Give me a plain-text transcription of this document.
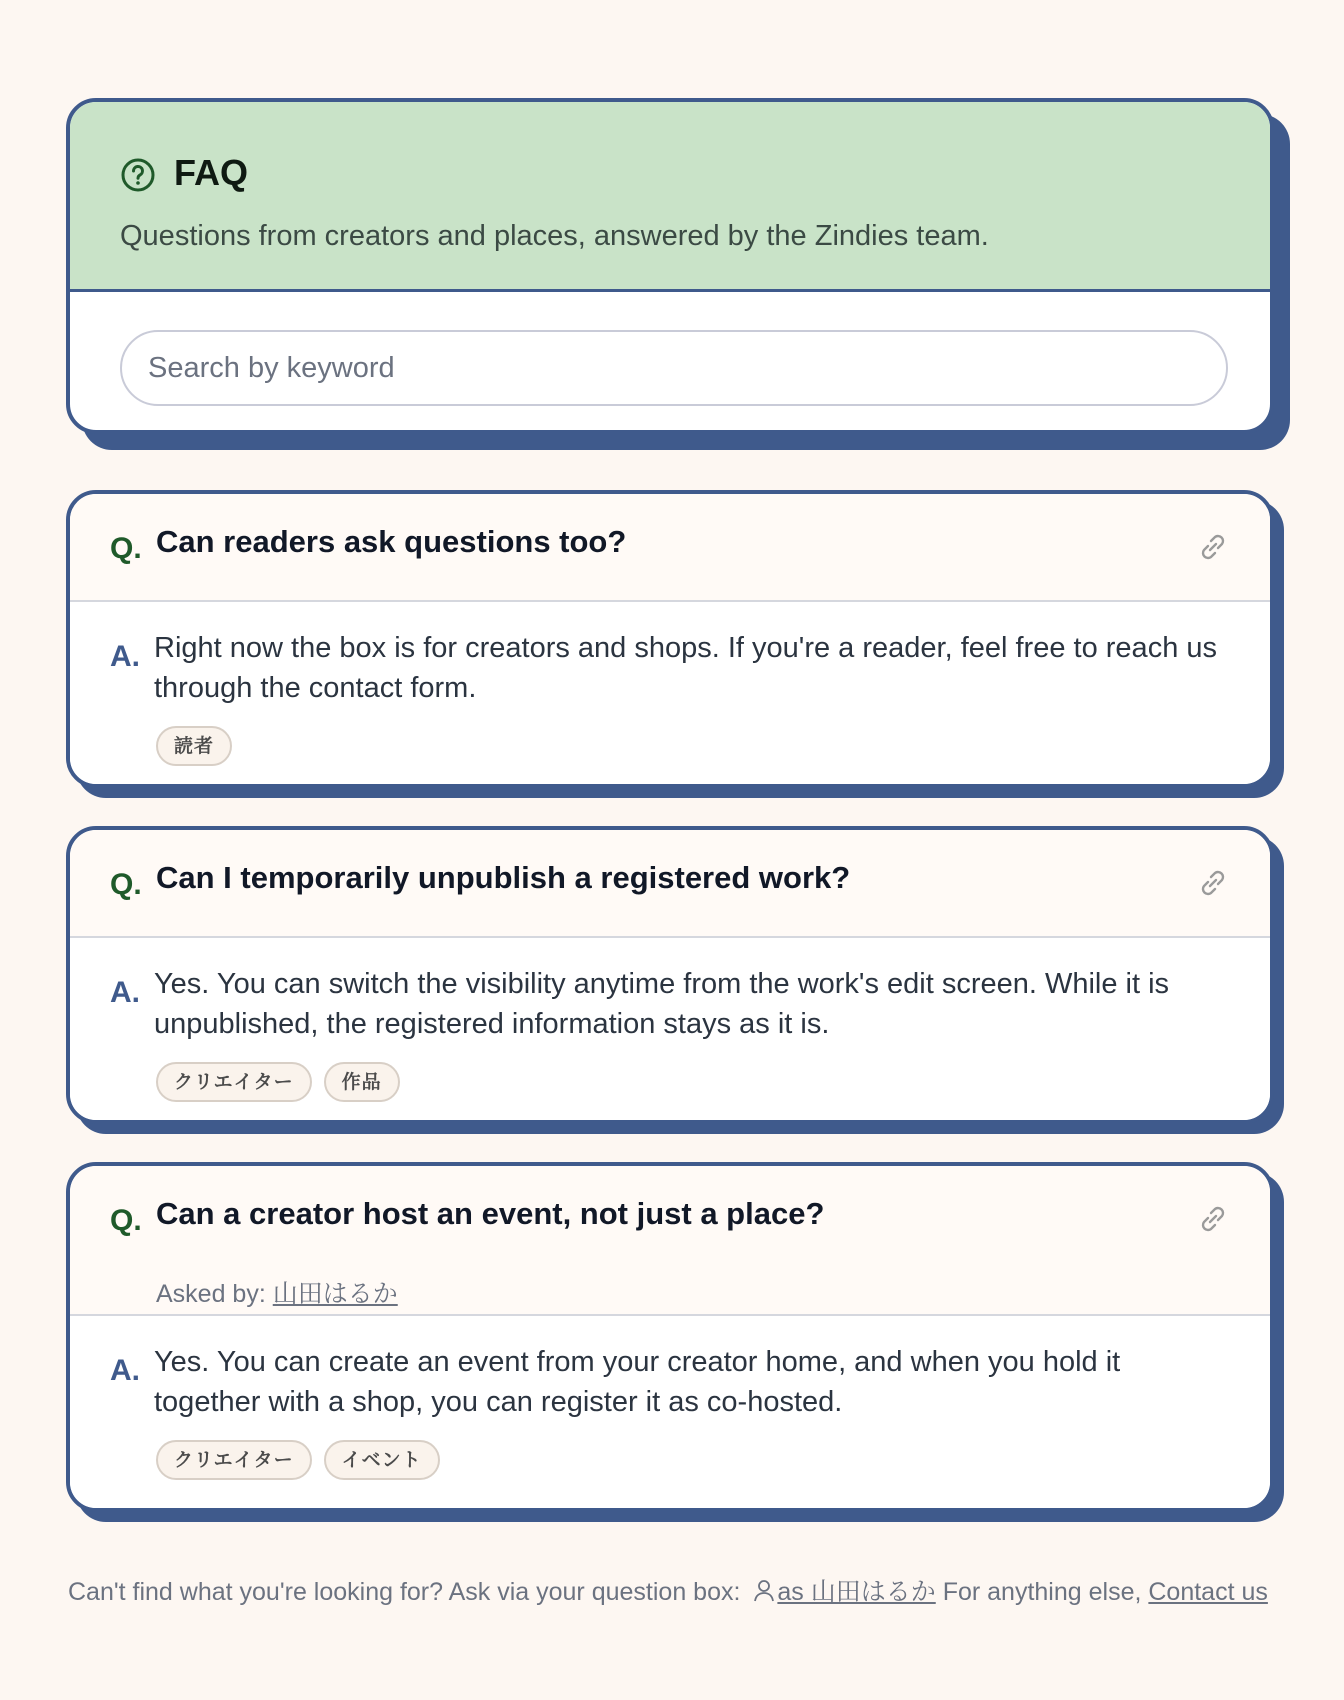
FAQ
Questions from creators and places, answered by the Zindies team.
Search by keyword
Q. Can readers ask questions too?
A. Right now the box is for creators and shops. If you're a reader, feel free to reach us through the contact form.
読者
Q. Can I temporarily unpublish a registered work?
A. Yes. You can switch the visibility anytime from the work's edit screen. While it is unpublished, the registered information stays as it is.
クリエイター	作品
Q. Can a creator host an event, not just a place?
Asked by: 山田はるか
A. Yes. You can create an event from your creator home, and when you hold it together with a shop, you can register it as co-hosted.
クリエイター	イベント
Can't find what you're looking for? Ask via your question box: as 山田はるか For anything else, Contact us
